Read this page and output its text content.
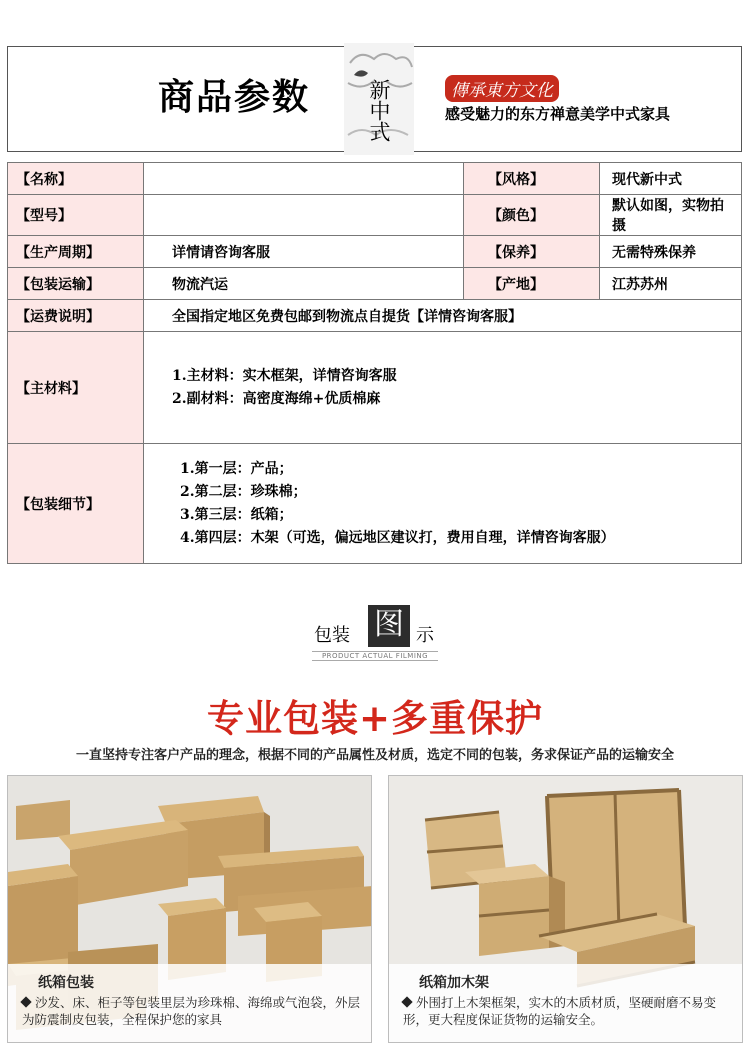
商品参数	新中式	傳承東方文化
感受魅力的东方禅意美学中式家具
【名称】		【风格】	现代新中式
【型号】		【颜色】	默认如图，实物拍摄
【生产周期】	详情请咨询客服	【保养】	无需特殊保养
【包装运输】	物流汽运	【产地】	江苏苏州
【运费说明】	全国指定地区免费包邮到物流点自提货【详情咨询客服】		
【主材料】	1.主材料：实木框架，详情咨询客服
2.副材料：高密度海绵+优质棉麻		

【包装细节】	1.第一层：产品；
2.第二层：珍珠棉；
3.第三层：纸箱；
4.第四层：木架（可选，偏远地区建议打，费用自理，详情咨询客服）		
包装 图 示
PRODUCT ACTUAL FILMING
专业包装+多重保护
一直坚持专注客户产品的理念，根据不同的产品属性及材质，选定不同的包装，务求保证产品的运输安全
纸箱包装
沙发、床、柜子等包装里层为珍珠棉、海绵或气泡袋，外层为防震制皮包装，全程保护您的家具
纸箱加木架
外围打上木架框架，实木的木质材质，坚硬耐磨不易变形，更大程度保证货物的运输安全。
